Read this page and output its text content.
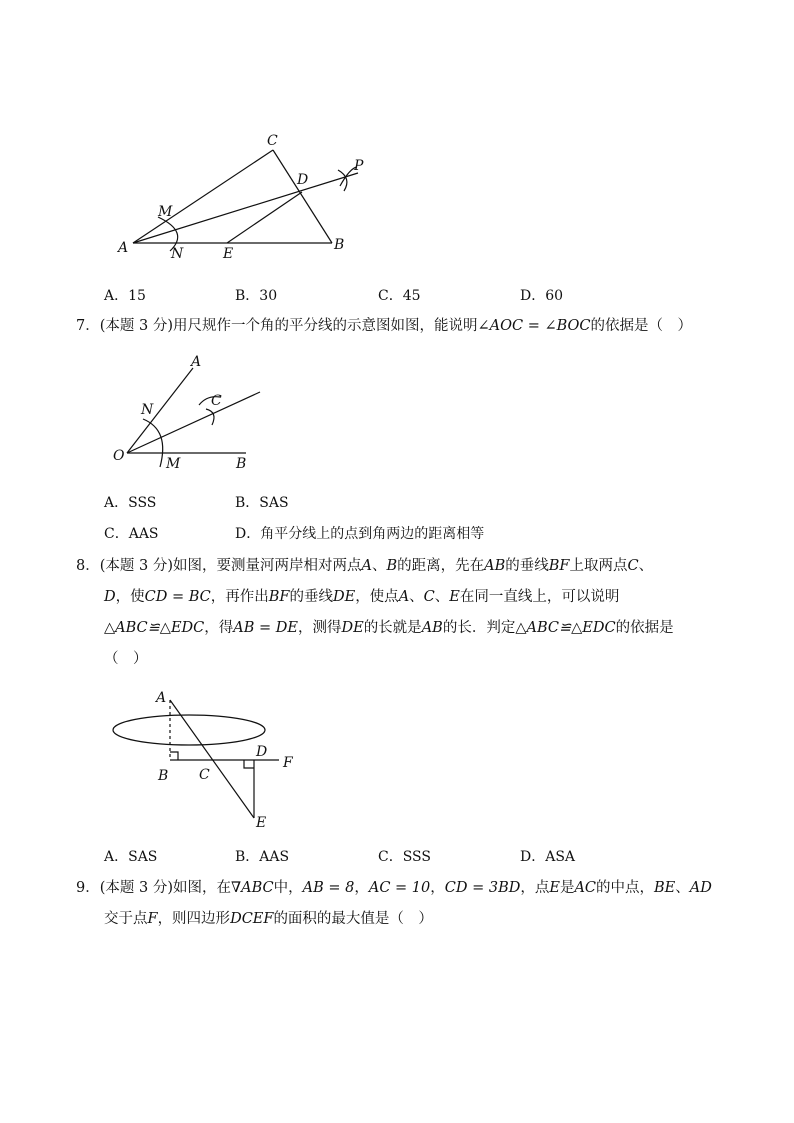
A
C
D
P
M
N	E
B
A．15	B．30	C．45	D．60
7．(本题 3 分)用尺规作一个角的平分线的示意图如图，能说明∠AOC = ∠BOC的依据是（　）
A
N
C
O	M	B
A．SSS	B．SAS
C．AAS	D．角平分线上的点到角两边的距离相等
8．(本题 3 分)如图，要测量河两岸相对两点A、B的距离，先在AB的垂线BF上取两点C、
D，使CD = BC，再作出BF的垂线DE，使点A、C、E在同一直线上，可以说明
△ABC≌△EDC，得AB = DE，测得DE的长就是AB的长．判定△ABC≌△EDC的依据是
（　）
A
D
F
B C
E
A．SAS	B．AAS	C．SSS	D．ASA
9．(本题 3 分)如图，在∇ABC中，AB = 8，AC = 10，CD = 3BD，点E是AC的中点，BE、AD
交于点F，则四边形DCEF的面积的最大值是（　）
